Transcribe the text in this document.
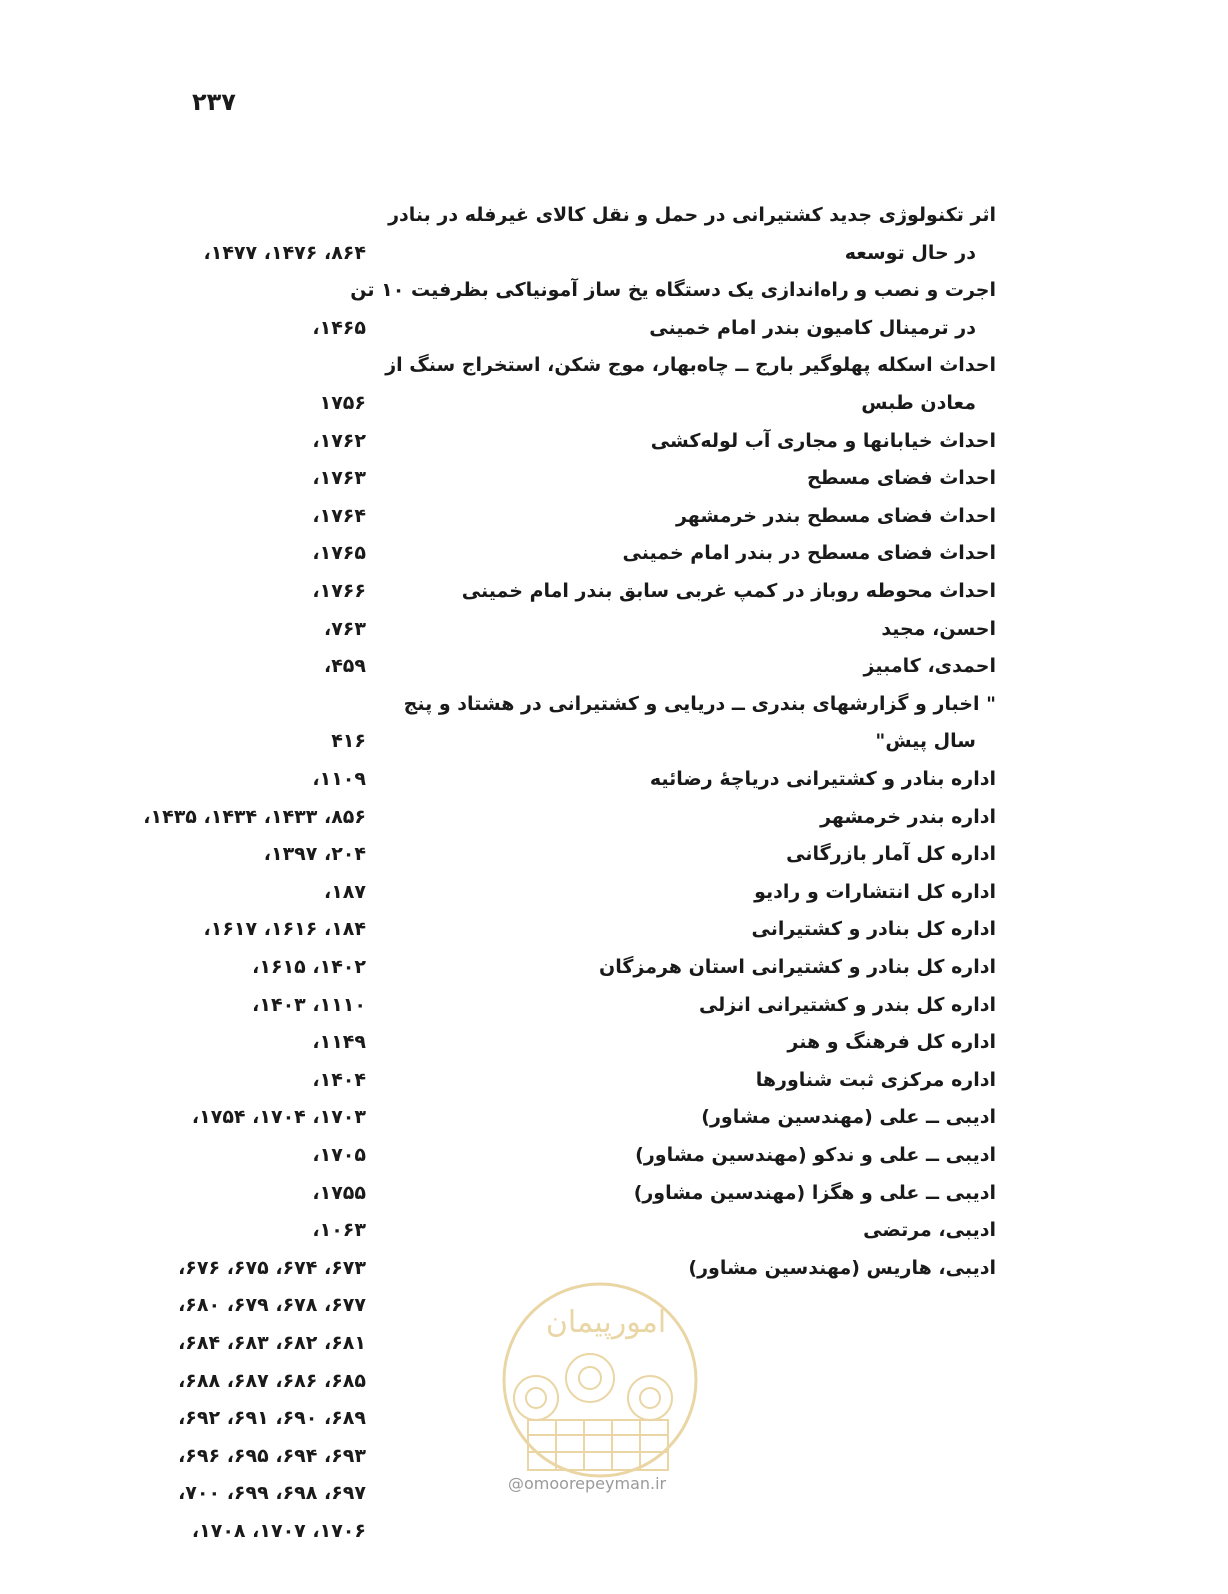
۲۳۷
اثر تکنولوژی جدید کشتیرانی در حمل و نقل کالای غیرفله در بنادر
در حال توسعه
۸۶۴، ۱۴۷۶، ۱۴۷۷،
اجرت و نصب و راه‌اندازی یک دستگاه یخ ساز آمونیاکی بظرفیت ۱۰ تن
در ترمینال کامیون بندر امام خمینی
۱۴۶۵،
احداث اسکله پهلوگیر بارج ــ چاه‌بهار، موج شکن، استخراج سنگ از
معادن طبس
۱۷۵۶
احداث خیابانها و مجاری آب لوله‌کشی
۱۷۶۲،
احداث فضای مسطح
۱۷۶۳،
احداث فضای مسطح بندر خرمشهر
۱۷۶۴،
احداث فضای مسطح در بندر امام خمینی
۱۷۶۵،
احداث محوطه روباز در کمپ غربی سابق بندر امام خمینی
۱۷۶۶،
احسن، مجید
۷۶۳،
احمدی، کامبیز
۴۵۹،
" اخبار و گزارشهای بندری ــ دریایی و کشتیرانی در هشتاد و پنج
سال پیش"
۴۱۶
اداره بنادر و کشتیرانی دریاچهٔ رضائیه
۱۱۰۹،
اداره بندر خرمشهر
۸۵۶، ۱۴۳۳، ۱۴۳۴، ۱۴۳۵،
اداره کل آمار بازرگانی
۲۰۴، ۱۳۹۷،
اداره کل انتشارات و رادیو
۱۸۷،
اداره کل بنادر و کشتیرانی
۱۸۴، ۱۶۱۶، ۱۶۱۷،
اداره کل بنادر و کشتیرانی استان هرمزگان
۱۴۰۲، ۱۶۱۵،
اداره کل بندر و کشتیرانی انزلی
۱۱۱۰، ۱۴۰۳،
اداره کل فرهنگ و هنر
۱۱۴۹،
اداره مرکزی ثبت شناورها
۱۴۰۴،
ادیبی ــ علی (مهندسین مشاور)
۱۷۰۳، ۱۷۰۴، ۱۷۵۴،
ادیبی ــ علی و ندکو (مهندسین مشاور)
۱۷۰۵،
ادیبی ــ علی و هگزا (مهندسین مشاور)
۱۷۵۵،
ادیبی، مرتضی
۱۰۶۳،
ادیبی، هاریس (مهندسین مشاور)
۶۷۳، ۶۷۴، ۶۷۵، ۶۷۶،
۶۷۷، ۶۷۸، ۶۷۹، ۶۸۰،
۶۸۱، ۶۸۲، ۶۸۳، ۶۸۴،
۶۸۵، ۶۸۶، ۶۸۷، ۶۸۸،
۶۸۹، ۶۹۰، ۶۹۱، ۶۹۲،
۶۹۳، ۶۹۴، ۶۹۵، ۶۹۶،
۶۹۷، ۶۹۸، ۶۹۹، ۷۰۰،
۱۷۰۶، ۱۷۰۷، ۱۷۰۸،
امورپیمان
@omoorepeyman.ir
